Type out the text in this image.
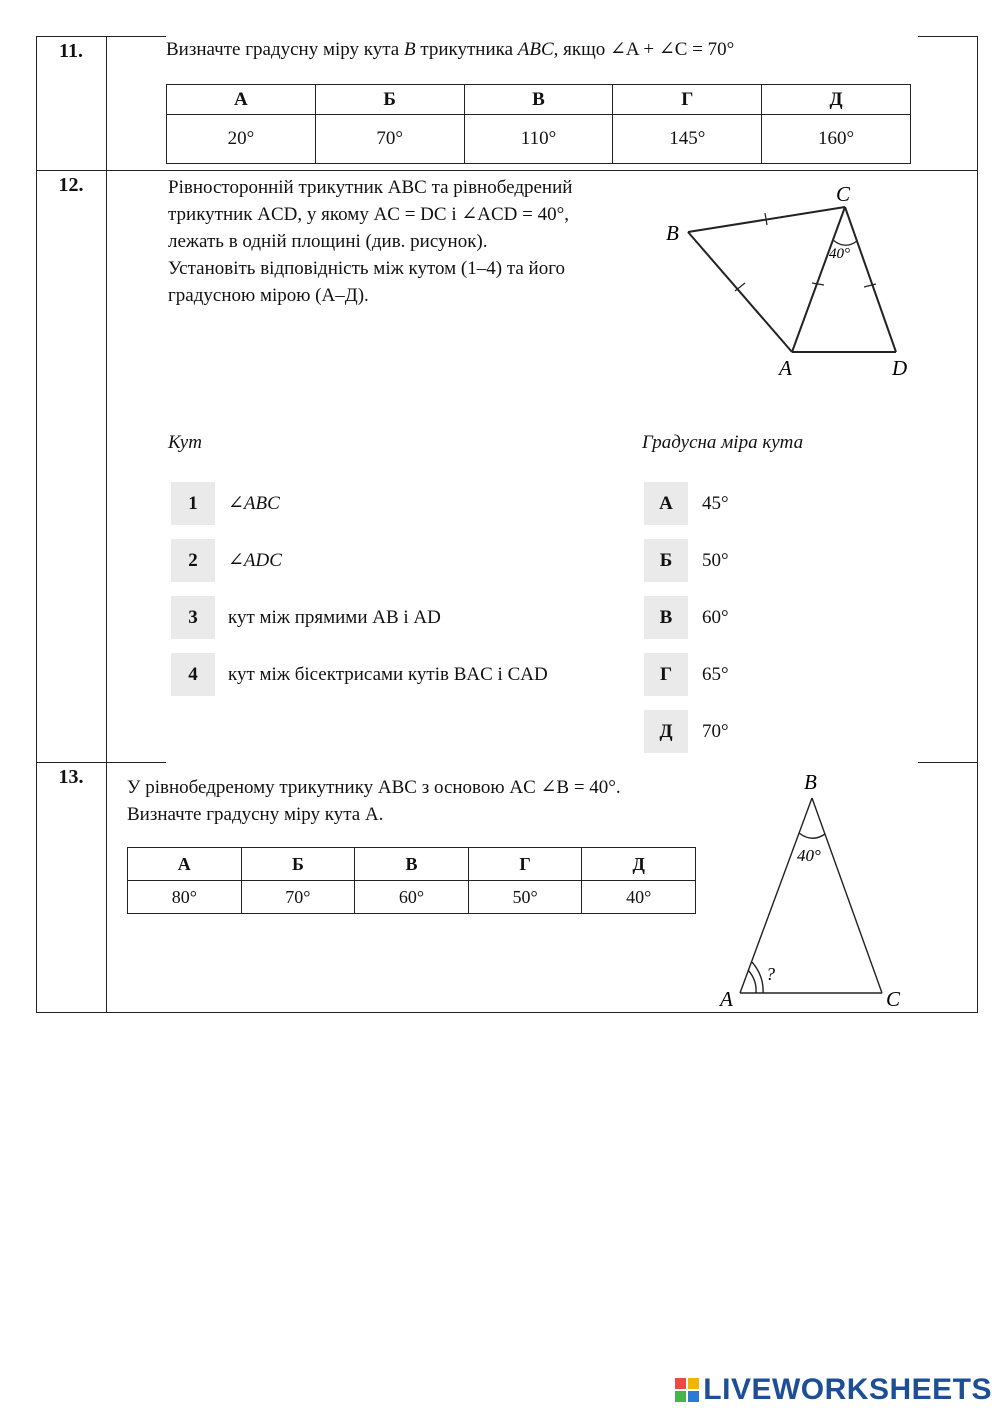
11.	Визначте градусну міру кута B трикутника ABC, якщо ∠A + ∠C = 70°
А	Б	В	Г	Д
20°	70°	110°	145°	160°
12.	Рівносторонній трикутник ABC та рівнобедрений
трикутник ACD, у якому AC = DC і ∠ACD = 40°,
лежать в одній площині (див. рисунок).
Установіть відповідність між кутом (1–4) та його
градусною мірою (А–Д).
B
C
A	D
40°
Кут	Градусна міра кута
1	∠ABC
2	∠ADC
3	кут між прямими AB і AD
4	кут між бісектрисами кутів BAC і CAD
А	45°
Б	50°
В	60°
Г	65°
Д	70°
13.	У рівнобедреному трикутнику ABC з основою AC ∠B = 40°.
Визначте градусну міру кута A.
А	Б	В	Г	Д
80°	70°	60°	50°	40°
B
A	C
40°
?
LIVEWORKSHEETS
